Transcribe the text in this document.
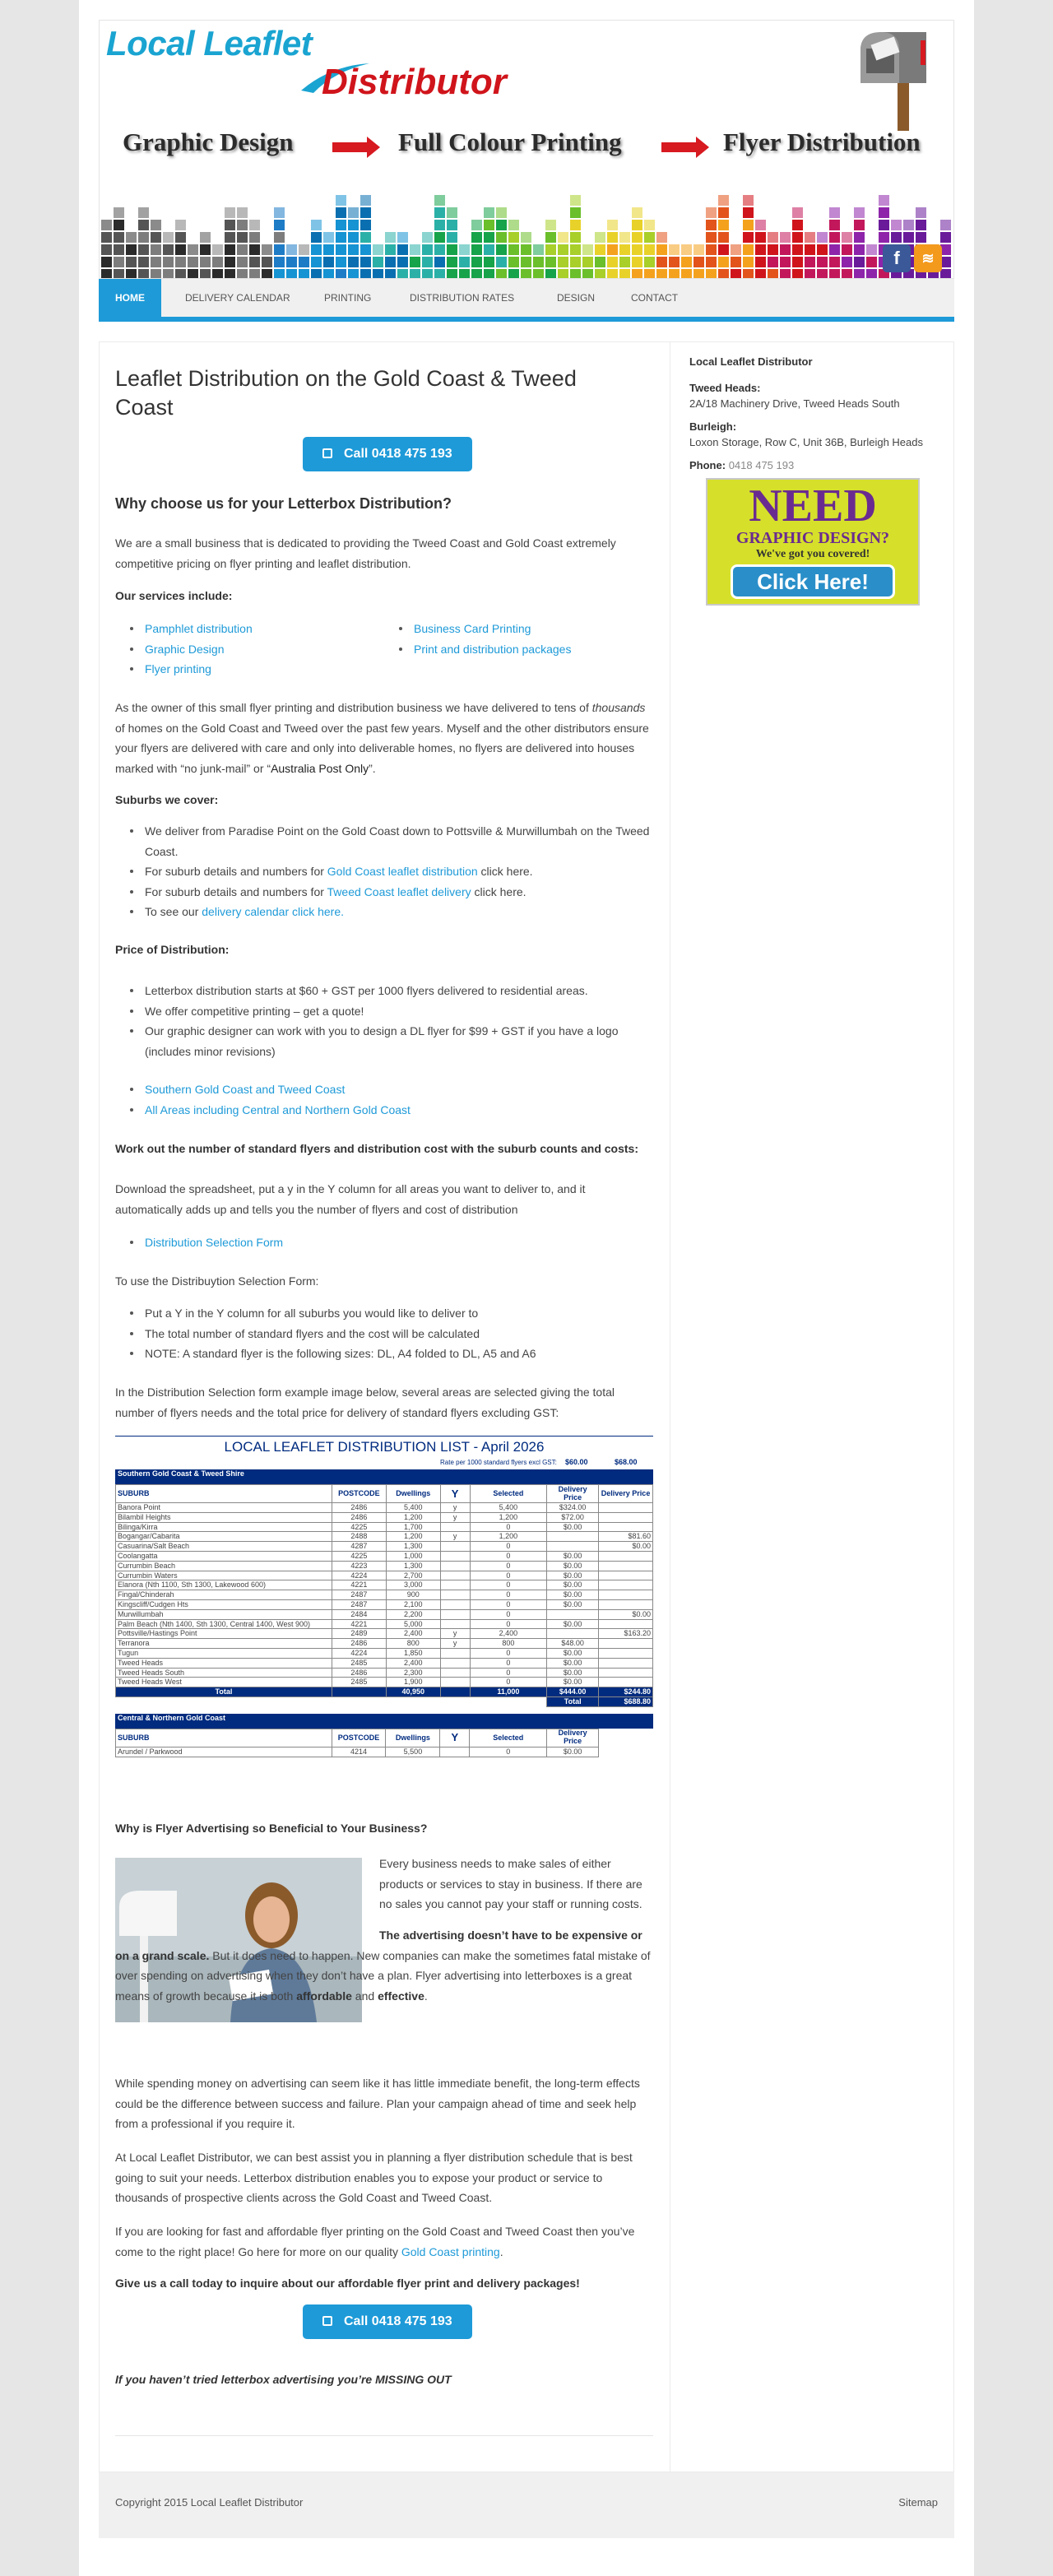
Local Leaflet
Distributor
Graphic Design	Full Colour Printing	Flyer Distribution
f	≋
HOME	DELIVERY CALENDAR	PRINTING	DISTRIBUTION RATES	DESIGN	CONTACT
Leaflet Distribution on the Gold Coast & Tweed Coast
Call 0418 475 193
Why choose us for your Letterbox Distribution?

We are a small business that is dedicated to providing the Tweed Coast and Gold Coast extremely competitive pricing on flyer printing and leaflet distribution.

Our services include:

Pamphlet distribution
Graphic Design
Flyer printing
Business Card Printing
Print and distribution packages

As the owner of this small flyer printing and distribution business we have delivered to tens of thousands of homes on the Gold Coast and Tweed over the past few years. Myself and the other distributors ensure your flyers are delivered with care and only into deliverable homes, no flyers are delivered into houses marked with “no junk-mail” or “Australia Post Only”.

Suburbs we cover:

We deliver from Paradise Point on the Gold Coast down to Pottsville & Murwillumbah on the Tweed Coast.
For suburb details and numbers for Gold Coast leaflet distribution click here.
For suburb details and numbers for Tweed Coast leaflet delivery click here.
To see our delivery calendar click here.

Price of Distribution:

Letterbox distribution starts at $60 + GST per 1000 flyers delivered to residential areas.
We offer competitive printing – get a quote!
Our graphic designer can work with you to design a DL flyer for $99 + GST if you have a logo (includes minor revisions)
Southern Gold Coast and Tweed Coast
All Areas including Central and Northern Gold Coast

Work out the number of standard flyers and distribution cost with the suburb counts and costs:

Download the spreadsheet, put a y in the Y column for all areas you want to deliver to, and it automatically adds up and tells you the number of flyers and cost of distribution

Distribution Selection Form

To use the Distribuytion Selection Form:

Put a Y in the Y column for all suburbs you would like to deliver to
The total number of standard flyers and the cost will be calculated
NOTE: A standard flyer is the following sizes: DL, A4 folded to DL, A5 and A6

In the Distribution Selection form example image below, several areas are selected giving the total number of flyers needs and the total price for delivery of standard flyers excluding GST:

LOCAL LEAFLET DISTRIBUTION LIST - April 2026
Rate per 1000 standard flyers excl GST: $60.00	$68.00
Southern Gold Coast & Tweed Shire
SUBURB	POSTCODE	Dwellings	Y	Selected	Delivery Price	Delivery Price
Banora Point	2486	5,400	y	5,400	$324.00	
Bilambil Heights	2486	1,200	y	1,200	$72.00	
Bilinga/Kirra	4225	1,700		0	$0.00	
Bogangar/Cabarita	2488	1,200	y	1,200		$81.60
Casuarina/Salt Beach	4287	1,300		0		$0.00
Coolangatta	4225	1,000		0	$0.00	
Currumbin Beach	4223	1,300		0	$0.00	
Currumbin Waters	4224	2,700		0	$0.00	
Elanora (Nth 1100, Sth 1300, Lakewood 600)	4221	3,000		0	$0.00	
Fingal/Chinderah	2487	900		0	$0.00	
Kingscliff/Cudgen Hts	2487	2,100		0	$0.00	
Murwillumbah	2484	2,200		0		$0.00
Palm Beach (Nth 1400, Sth 1300, Central 1400, West 900)	4221	5,000		0	$0.00	
Pottsville/Hastings Point	2489	2,400	y	2,400		$163.20
Terranora	2486	800	y	800	$48.00	
Tugun	4224	1,850		0	$0.00	
Tweed Heads	2485	2,400		0	$0.00	
Tweed Heads South	2486	2,300		0	$0.00	
Tweed Heads West	2485	1,900		0	$0.00	
Total		40,950		11,000	$444.00	$244.80
					Total	$688.80
Central & Northern Gold Coast
SUBURB	POSTCODE	Dwellings	Y	Selected	Delivery Price	
Arundel / Parkwood	4214	5,500		0	$0.00	

Why is Flyer Advertising so Beneficial to Your Business?

Every business needs to make sales of either products or services to stay in business. If there are no sales you cannot pay your staff or running costs.

The advertising doesn’t have to be expensive or on a grand scale. But it does need to happen. New companies can make the sometimes fatal mistake of over spending on advertising when they don’t have a plan. Flyer advertising into letterboxes is a great means of growth because it is both affordable and effective.

While spending money on advertising can seem like it has little immediate benefit, the long-term effects could be the difference between success and failure. Plan your campaign ahead of time and seek help from a professional if you require it.

At Local Leaflet Distributor, we can best assist you in planning a flyer distribution schedule that is best going to suit your needs. Letterbox distribution enables you to expose your product or service to thousands of prospective clients across the Gold Coast and Tweed Coast.

If you are looking for fast and affordable flyer printing on the Gold Coast and Tweed Coast then you’ve come to the right place! Go here for more on our quality Gold Coast printing.

Give us a call today to inquire about our affordable flyer print and delivery packages!

Call 0418 475 193

If you haven’t tried letterbox advertising you’re MISSING OUT

Local Leaflet Distributor
Tweed Heads:
2A/18 Machinery Drive, Tweed Heads South
Burleigh:
Loxon Storage, Row C, Unit 36B, Burleigh Heads
Phone: 0418 475 193
NEED
GRAPHIC DESIGN?
We've got you covered!
Click Here!
Copyright 2015 Local Leaflet Distributor	Sitemap
